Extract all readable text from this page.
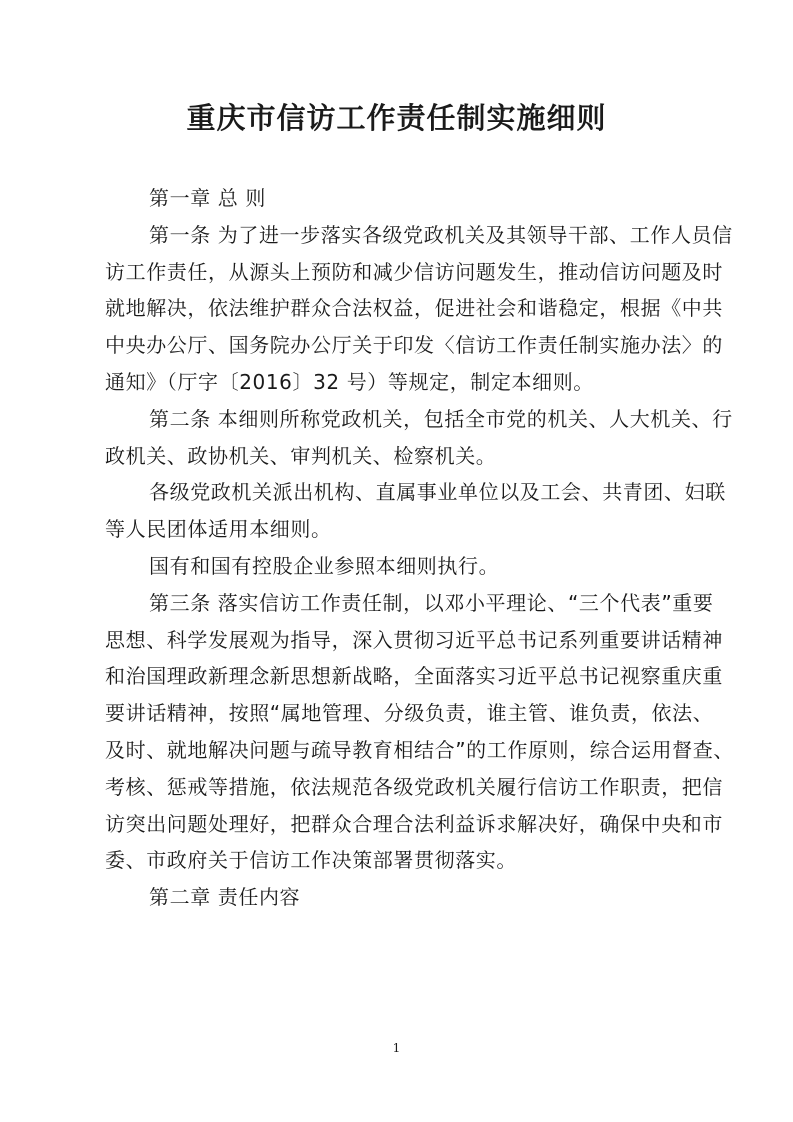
重庆市信访工作责任制实施细则
第一章 总 则
第一条 为了进一步落实各级党政机关及其领导干部、工作人员信
访工作责任，从源头上预防和减少信访问题发生，推动信访问题及时
就地解决，依法维护群众合法权益，促进社会和谐稳定，根据《中共
中央办公厅、国务院办公厅关于印发〈信访工作责任制实施办法〉的
通知》（厅字〔2016〕32 号）等规定，制定本细则。
第二条 本细则所称党政机关，包括全市党的机关、人大机关、行
政机关、政协机关、审判机关、检察机关。
各级党政机关派出机构、直属事业单位以及工会、共青团、妇联
等人民团体适用本细则。
国有和国有控股企业参照本细则执行。
第三条 落实信访工作责任制，以邓小平理论、“三个代表”重要
思想、科学发展观为指导，深入贯彻习近平总书记系列重要讲话精神
和治国理政新理念新思想新战略，全面落实习近平总书记视察重庆重
要讲话精神，按照“属地管理、分级负责，谁主管、谁负责，依法、
及时、就地解决问题与疏导教育相结合”的工作原则，综合运用督查、
考核、惩戒等措施，依法规范各级党政机关履行信访工作职责，把信
访突出问题处理好，把群众合理合法利益诉求解决好，确保中央和市
委、市政府关于信访工作决策部署贯彻落实。
第二章 责任内容
1
